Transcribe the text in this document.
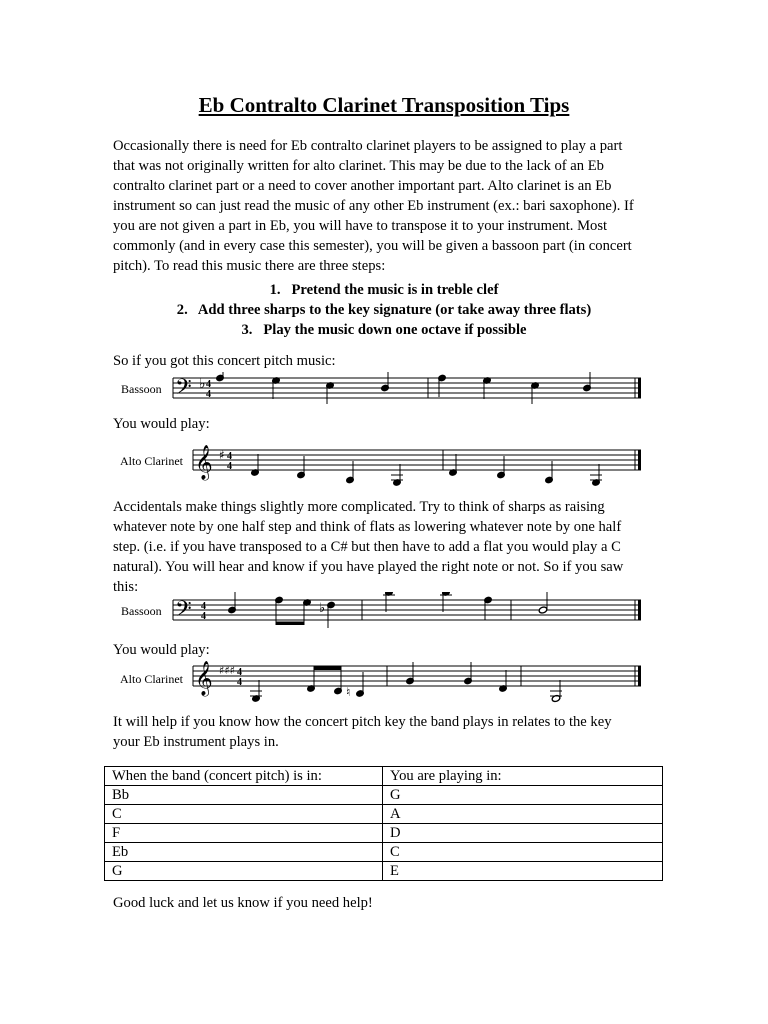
Eb Contralto Clarinet Transposition Tips
Occasionally there is need for Eb contralto clarinet players to be assigned to play a part
that was not originally written for alto clarinet. This may be due to the lack of an Eb
contralto clarinet part or a need to cover another important part. Alto clarinet is an Eb
instrument so can just read the music of any other Eb instrument (ex.: bari saxophone). If
you are not given a part in Eb, you will have to transpose it to your instrument. Most
commonly (and in every case this semester), you will be given a bassoon part (in concert
pitch). To read this music there are three steps:
1.   Pretend the music is in treble clef
2.   Add three sharps to the key signature (or take away three flats)
3.   Play the music down one octave if possible
So if you got this concert pitch music:
Bassoon 𝄢 ♭ 4
4
You would play:
Alto Clarinet 𝄞 ♯ 4
4
Accidentals make things slightly more complicated. Try to think of sharps as raising
whatever note by one half step and think of flats as lowering whatever note by one half
step. (i.e. if you have transposed to a C# but then have to add a flat you would play a C
natural). You will hear and know if you have played the right note or not. So if you saw
this:
Bassoon 𝄢 4
4
♭
You would play:
Alto Clarinet 𝄞 ♯♯♯ 4
4
♮
It will help if you know how the concert pitch key the band plays in relates to the key
your Eb instrument plays in.
When the band (concert pitch) is in:	You are playing in:
Bb	G
C	A
F	D
Eb	C
G	E
Good luck and let us know if you need help!
